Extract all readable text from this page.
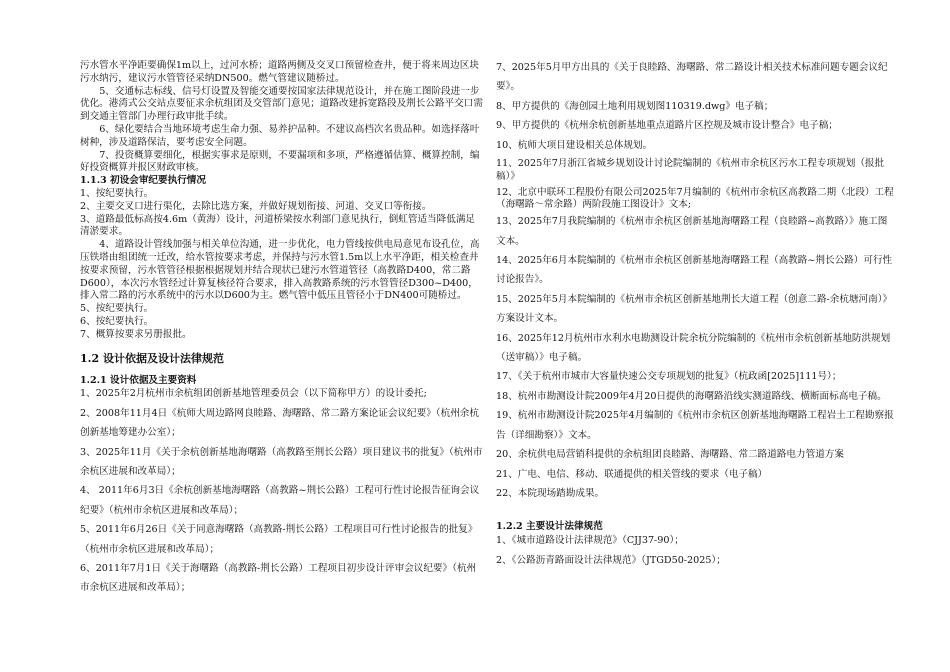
污水管水平净距要确保1m以上，过河水桥；道路两侧及交叉口预留检查井，便于将来周边区块污水纳污，建议污水管管径采纳DN500。燃气管建议随桥过。

5、交通标志标线、信号灯设置及智能交通要按国家法律规范设计，并在施工图阶段进一步优化。港湾式公交站点要征求余杭组团及交管部门意见；道路改建拆宽路段及荆长公路平交口需到交通主管部门办理行政审批手续。

6、绿化要结合当地环境考虑生命力强、易养护品种。不建议高档次名贵品种。如选择落叶树种，涉及道路保洁，要考虑安全问题。

7、投资概算要细化，根据实事求是原则，不要漏项和多项，严格遵循估算、概算控制，编好投资概算并报区财政审核。

1.1.3 初设会审纪要执行情况

1、按纪要执行。

2、主要交叉口进行渠化，去除比选方案，并做好规划衔接、河道、交叉口等衔接。

3、道路最低标高按4.6m（黄海）设计，河道桥梁按水利部门意见执行，倒虹管适当降低满足清淤要求。

4、道路设计管线加强与相关单位沟通，进一步优化，电力管线按供电局意见布设孔位，高压铁塔由组团统一迁改，给水管按要求考虑，并保持与污水管1.5m以上水平净距，相关检查井按要求预留，污水管管径根据根据规划并结合现状已建污水管道管径（高教路D400，常二路D600），本次污水管经过计算复核径符合要求，排入高教路系统的污水管管径D300~D400，排入常二路的污水系统中的污水以D600为主。燃气管中低压且管径小于DN400可随桥过。

5、按纪要执行。

6、按纪要执行。

7、概算按要求另册报批。

1.2 设计依据及设计法律规范

1.2.1 设计依据及主要资料

1、2025年2月杭州市余杭组团创新基地管理委员会（以下简称甲方）的设计委托;

2、2008年11月4日《杭师大周边路网良睦路、海曙路、常二路方案论证会议纪要》（杭州余杭创新基地筹建办公室）；

3、2025年11月《关于余杭创新基地海曙路（高教路至荆长公路）项目建议书的批复》（杭州市余杭区进展和改革局）；

4、 2011年6月3日《余杭创新基地海曙路（高教路~荆长公路）工程可行性讨论报告征询会议纪要》（杭州市余杭区进展和改革局）；

5、2011年6月26日《关于同意海曙路（高教路-荆长公路）工程项目可行性讨论报告的批复》（杭州市余杭区进展和改革局）；

6、2011年7月1日《关于海曙路（高教路-荆长公路）工程项目初步设计评审会议纪要》（杭州市余杭区进展和改革局）；

7、2025年5月甲方出具的《关于良睦路、海曙路、常二路设计相关技术标准问题专题会议纪要》。

8、甲方提供的《海创园土地利用规划图110319.dwg》电子稿；

9、甲方提供的《杭州余杭创新基地重点道路片区控规及城市设计整合》电子稿；

10、杭师大项目建设相关总体规划。

11、2025年7月浙江省城乡规划设计讨论院编制的《杭州市余杭区污水工程专项规划（报批稿）》

12、北京中联环工程股份有限公司2025年7月编制的《杭州市余杭区高教路二期（北段）工程（海曙路～常余路）两阶段施工图设计》文本;

13、2025年7月我院编制的《杭州市余杭区创新基地海曙路工程（良睦路~高教路）》施工图文本。

14、2025年6月本院编制的《杭州市余杭区创新基地海曙路工程（高教路~荆长公路）可行性讨论报告》。

15、2025年5月本院编制的《杭州市余杭区创新基地荆长大道工程（创意二路-余杭塘河南）》方案设计文本。

16、2025年12月杭州市水利水电勘测设计院余杭分院编制的《杭州市余杭创新基地防洪规划（送审稿）》电子稿。

17、《关于杭州市城市大容量快速公交专项规划的批复》（杭政函[2025]111号）；

18、杭州市勘测设计院2009年4月20日提供的海曙路沿线实测道路线、横断面标高电子稿。

19、杭州市勘测设计院2025年4月编制的《杭州市余杭区创新基地海曙路工程岩土工程勘察报告（详细勘察）》文本。

20、余杭供电局营销科提供的余杭组团良睦路、海曙路、常二路道路电力管道方案

21、广电、电信、移动、联通提供的相关管线的要求（电子稿）

22、本院现场踏勘成果。

1.2.2 主要设计法律规范

1、《城市道路设计法律规范》（CJJ37-90）；

2、《公路沥青路面设计法律规范》（JTGD50-2025）；
